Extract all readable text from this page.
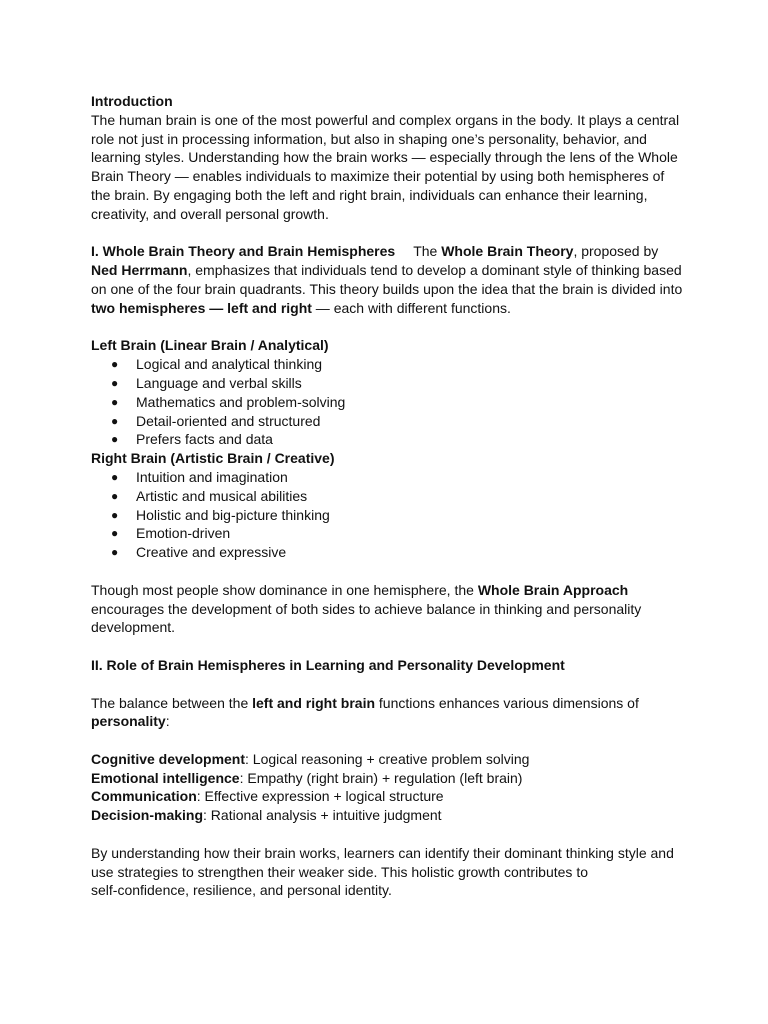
Introduction
The human brain is one of the most powerful and complex organs in the body. It plays a central
role not just in processing information, but also in shaping one’s personality, behavior, and
learning styles. Understanding how the brain works — especially through the lens of the Whole
Brain Theory — enables individuals to maximize their potential by using both hemispheres of
the brain. By engaging both the left and right brain, individuals can enhance their learning,
creativity, and overall personal growth.
I. Whole Brain Theory and Brain Hemispheres The Whole Brain Theory, proposed by
Ned Herrmann, emphasizes that individuals tend to develop a dominant style of thinking based
on one of the four brain quadrants. This theory builds upon the idea that the brain is divided into
two hemispheres — left and right — each with different functions.
Left Brain (Linear Brain / Analytical)
● Logical and analytical thinking
● Language and verbal skills
● Mathematics and problem-solving
● Detail-oriented and structured
● Prefers facts and data
Right Brain (Artistic Brain / Creative)
● Intuition and imagination
● Artistic and musical abilities
● Holistic and big-picture thinking
● Emotion-driven
● Creative and expressive
Though most people show dominance in one hemisphere, the Whole Brain Approach
encourages the development of both sides to achieve balance in thinking and personality
development.
II. Role of Brain Hemispheres in Learning and Personality Development
The balance between the left and right brain functions enhances various dimensions of
personality:
Cognitive development: Logical reasoning + creative problem solving
Emotional intelligence: Empathy (right brain) + regulation (left brain)
Communication: Effective expression + logical structure
Decision-making: Rational analysis + intuitive judgment
By understanding how their brain works, learners can identify their dominant thinking style and
use strategies to strengthen their weaker side. This holistic growth contributes to
self-confidence, resilience, and personal identity.
